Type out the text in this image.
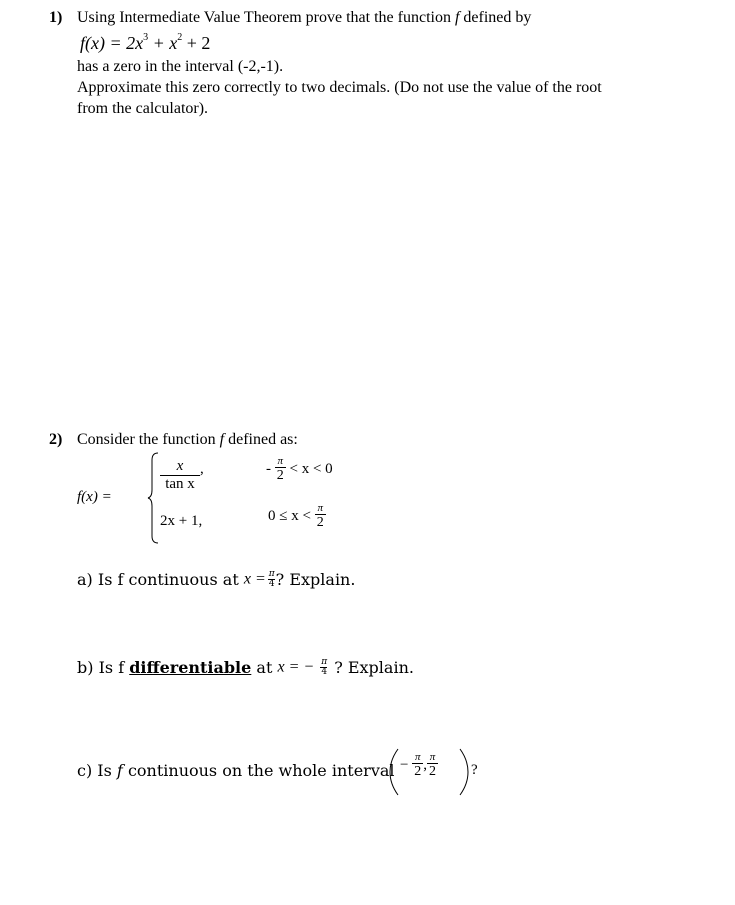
1) Using Intermediate Value Theorem prove that the function f defined by
$f(x) = 2x^3 + x^2 + 2$
has a zero in the interval (-2,-1).
Approximate this zero correctly to two decimals. (Do not use the value of the root
from the calculator).
2) Consider the function f defined as:
f(x) =
$\frac{x}{\text{tan x}}$ ,	- $\frac{\pi}{2} < x < 0$
2x + 1,	$0 \le x < \frac{\pi}{2}$
a) Is f continuous at $x = \frac{\pi}{4}$ ? Explain.
b) Is f differentiable at x = − $\frac{\pi}{4}$ ? Explain.
c) Is f continuous on the whole interval − $\frac{\pi}{2}$ , $\frac{\pi}{2}$ ?
